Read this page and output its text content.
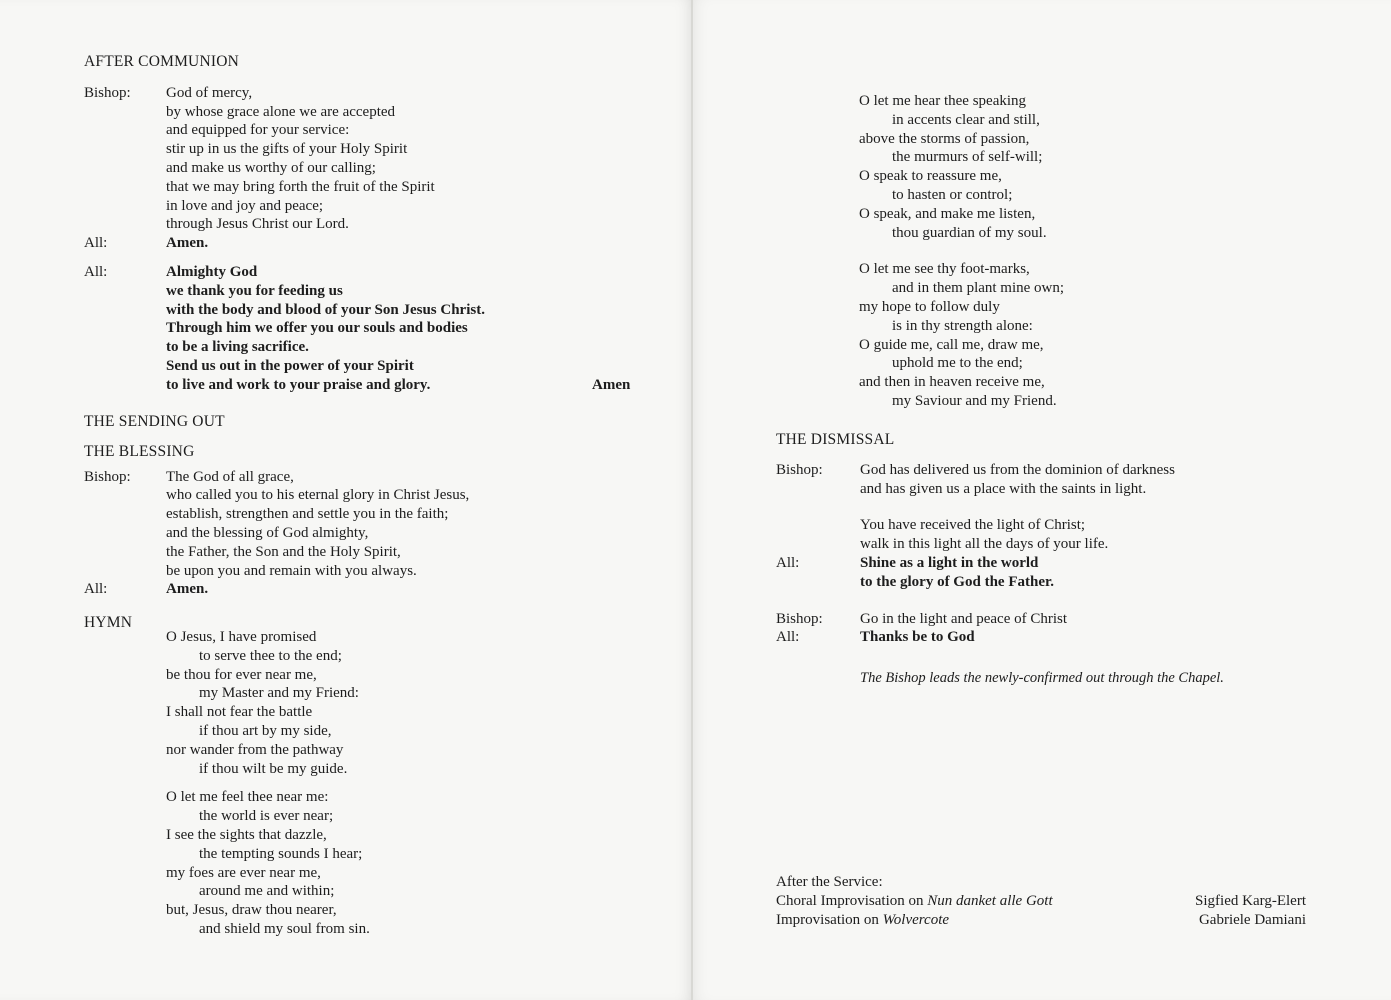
AFTER COMMUNION

Bishop:	God of mercy,
by whose grace alone we are accepted
and equipped for your service:
stir up in us the gifts of your Holy Spirit
and make us worthy of our calling;
that we may bring forth the fruit of the Spirit
in love and joy and peace;
through Jesus Christ our Lord.
All:	Amen.
All:	Almighty God
we thank you for feeding us
with the body and blood of your Son Jesus Christ.
Through him we offer you our souls and bodies
to be a living sacrifice.
Send us out in the power of your Spirit
to live and work to your praise and glory.	Amen

THE SENDING OUT

THE BLESSING

Bishop:	The God of all grace,
who called you to his eternal glory in Christ Jesus,
establish, strengthen and settle you in the faith;
and the blessing of God almighty,
the Father, the Son and the Holy Spirit,
be upon you and remain with you always.
All:	Amen.
HYMN
O Jesus, I have promised
to serve thee to the end;
be thou for ever near me,
my Master and my Friend:
I shall not fear the battle
if thou art by my side,
nor wander from the pathway
if thou wilt be my guide.
O let me feel thee near me:
the world is ever near;
I see the sights that dazzle,
the tempting sounds I hear;
my foes are ever near me,
around me and within;
but, Jesus, draw thou nearer,
and shield my soul from sin.
O let me hear thee speaking
in accents clear and still,
above the storms of passion,
the murmurs of self-will;
O speak to reassure me,
to hasten or control;
O speak, and make me listen,
thou guardian of my soul.
O let me see thy foot-marks,
and in them plant mine own;
my hope to follow duly
is in thy strength alone:
O guide me, call me, draw me,
uphold me to the end;
and then in heaven receive me,
my Saviour and my Friend.

THE DISMISSAL

Bishop:	God has delivered us from the dominion of darkness
and has given us a place with the saints in light.
You have received the light of Christ;
walk in this light all the days of your life.
All:	Shine as a light in the world
to the glory of God the Father.
Bishop:	Go in the light and peace of Christ
All:	Thanks be to God
The Bishop leads the newly-confirmed out through the Chapel.
After the Service:
Choral Improvisation on Nun danket alle Gott	Sigfied Karg-Elert
Improvisation on Wolvercote	Gabriele Damiani
